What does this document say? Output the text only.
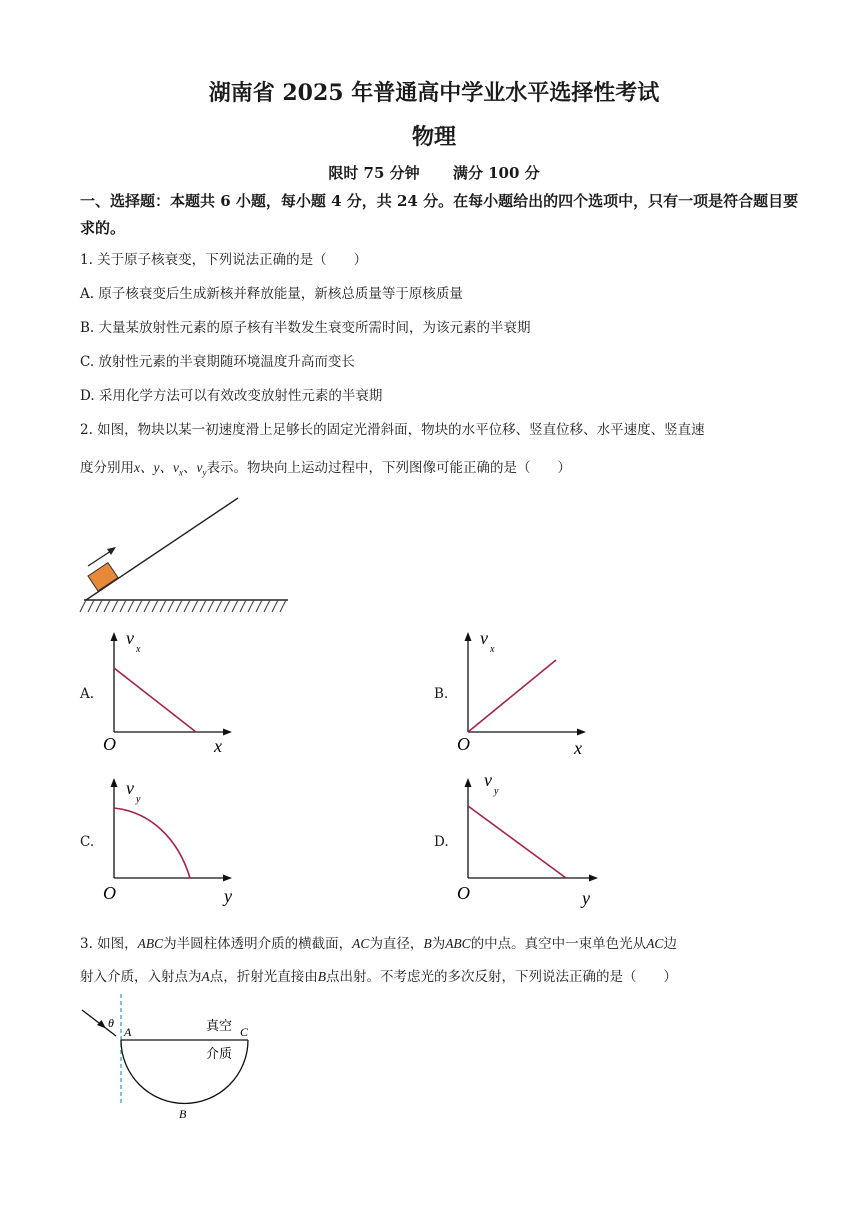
湖南省 2025 年普通高中学业水平选择性考试
物理
限时 75 分钟 满分 100 分
一、选择题：本题共 6 小题，每小题 4 分，共 24 分。在每小题给出的四个选项中，只有一项是符合题目要求的。
1. 关于原子核衰变，下列说法正确的是（　　）
A. 原子核衰变后生成新核并释放能量，新核总质量等于原核质量
B. 大量某放射性元素的原子核有半数发生衰变所需时间，为该元素的半衰期
C. 放射性元素的半衰期随环境温度升高而变长
D. 采用化学方法可以有效改变放射性元素的半衰期
2. 如图，物块以某一初速度滑上足够长的固定光滑斜面，物块的水平位移、竖直位移、水平速度、竖直速
度分别用x、y、$v_x$、$v_y$表示。物块向上运动过程中，下列图像可能正确的是（　　）
A.
v
x
O	x
B.
v
x
O	x
C.
v
y
O	y
D.
v
y
O	y
3. 如图，ABC为半圆柱体透明介质的横截面，AC为直径，B为ABC的中点。真空中一束单色光从AC边
射入介质，入射点为A点，折射光直接由B点出射。不考虑光的多次反射，下列说法正确的是（　　）
θ
A	C
B
真空
介质
